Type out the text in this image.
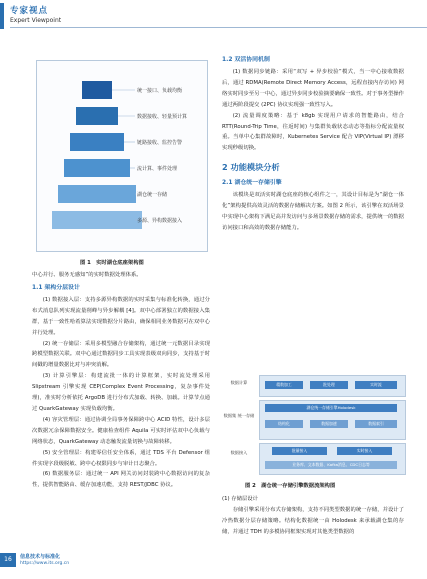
专家视点
Expert Viewpoint
统一接口、负载均衡
数据接收、轻量预计算
链路接收、监控告警
流计算、事件处理
湖仓统一存储
多源、异构数据接入
图 1　实时湖仓底座架构图

中心并行、服务无感知”的实时数据处理体系。

1.1 架构分层设计

(1) 数据接入层：支持多源异构数据的实时采集与标准化转换，通过分布式消息队列实现流量削峰与异步解耦 [4]。双中心部署独立的数据接入集群，基于一致性哈希算法实现数据分片路由，确保相同业务数据可在双中心并行处理。

(2) 统一存储层：采用多模型融合存储架构，通过统一元数据目录实现跨模型数据关联。双中心通过数据同步工具实现表级双向同步，支持基于时间戳的增量数据比对与冲突消解。

(3) 计算引擎层：构建流批一体的计算框架，实时流处理采用 Slipstream 引擎实现 CEP(Complex Event Processing，复杂事件处理)，准实时分析依托 ArgoDB 进行分布式加载、转换、加载。计算节点通过 QuarkGateway 实现负载均衡。

(4) 容灾管理层：通过协调全局事务保障跨中心 ACID 特性，设计多层次数据冗余保障数据安全。健康检查组件 Aquila 可实时评估双中心负载与网络状态，QuarkGateway 动态触发流量切换与故障转移。

(5) 安全管理层：构建零信任安全体系，通过 TDS 平台 Defensor 组件实现字段级脱敏、跨中心权限同步与审计日志聚合。

(6) 数据服务层：通过统一 API 网关访问封装跨中心数据访问的复杂性，提供智能路由、缓存加速功能，支持 REST/JDBC 协议。

1.2 双活协同机制

(1) 数据同步链路：采用“双写 + 异步校验”模式，当一中心接收数据后，通过 RDMA(Remote Direct Memory Access，远程直接内存访问) 网络实时同步至另一中心，通过异步同步校验摘要确保一致性。对于事务型操作通过两阶段提交 (2PC) 协议实现强一致性写入。

(2) 流量调度策略：基于 k8gb 实现用户请求的智能路由，结合 RTT(Round-Trip Time，往返时间) 与集群负载状态动态等指标分配流量权重。当单中心集群故障时，Kubernetes Service 配合 VIP(Virtual IP) 漂移实现秒级切换。

2 功能模块分析
2.1 湖仓统一存储引擎

该模块是双活实时湖仓底座的核心组件之一，其设计目标是为“湖仓一体化”架构提供高效灵活的数据存储解决方案。如图 2 所示，该引擎在双活场景中实现中心架构下满足高并发访问与多场景数据存储的需求，提供统一的数据访问接口和高效的数据存储能力。

数据计算
数据集 统一存储
数据接入
精数加工	批处理	实时流
湖仓统一存储引擎Holodesk
结构化	数据加速	数据索引
批量接入	实时接入
业务库、文本数据、Kafka消息、CDC日志等
图 2　湖仓统一存储引擎数据流架构图

(1) 存储层设计

存储引擎采用分布式存储架构，支持不同类型数据的统一存储，并设计了冷热数据分层存储策略。结构化数据统一由 Holodesk 来承载湖仓集的存储，并通过 TDH 的多模协同框架实现对其他类型数据的

16	信息技术与标准化
https://www.its.org.cn
